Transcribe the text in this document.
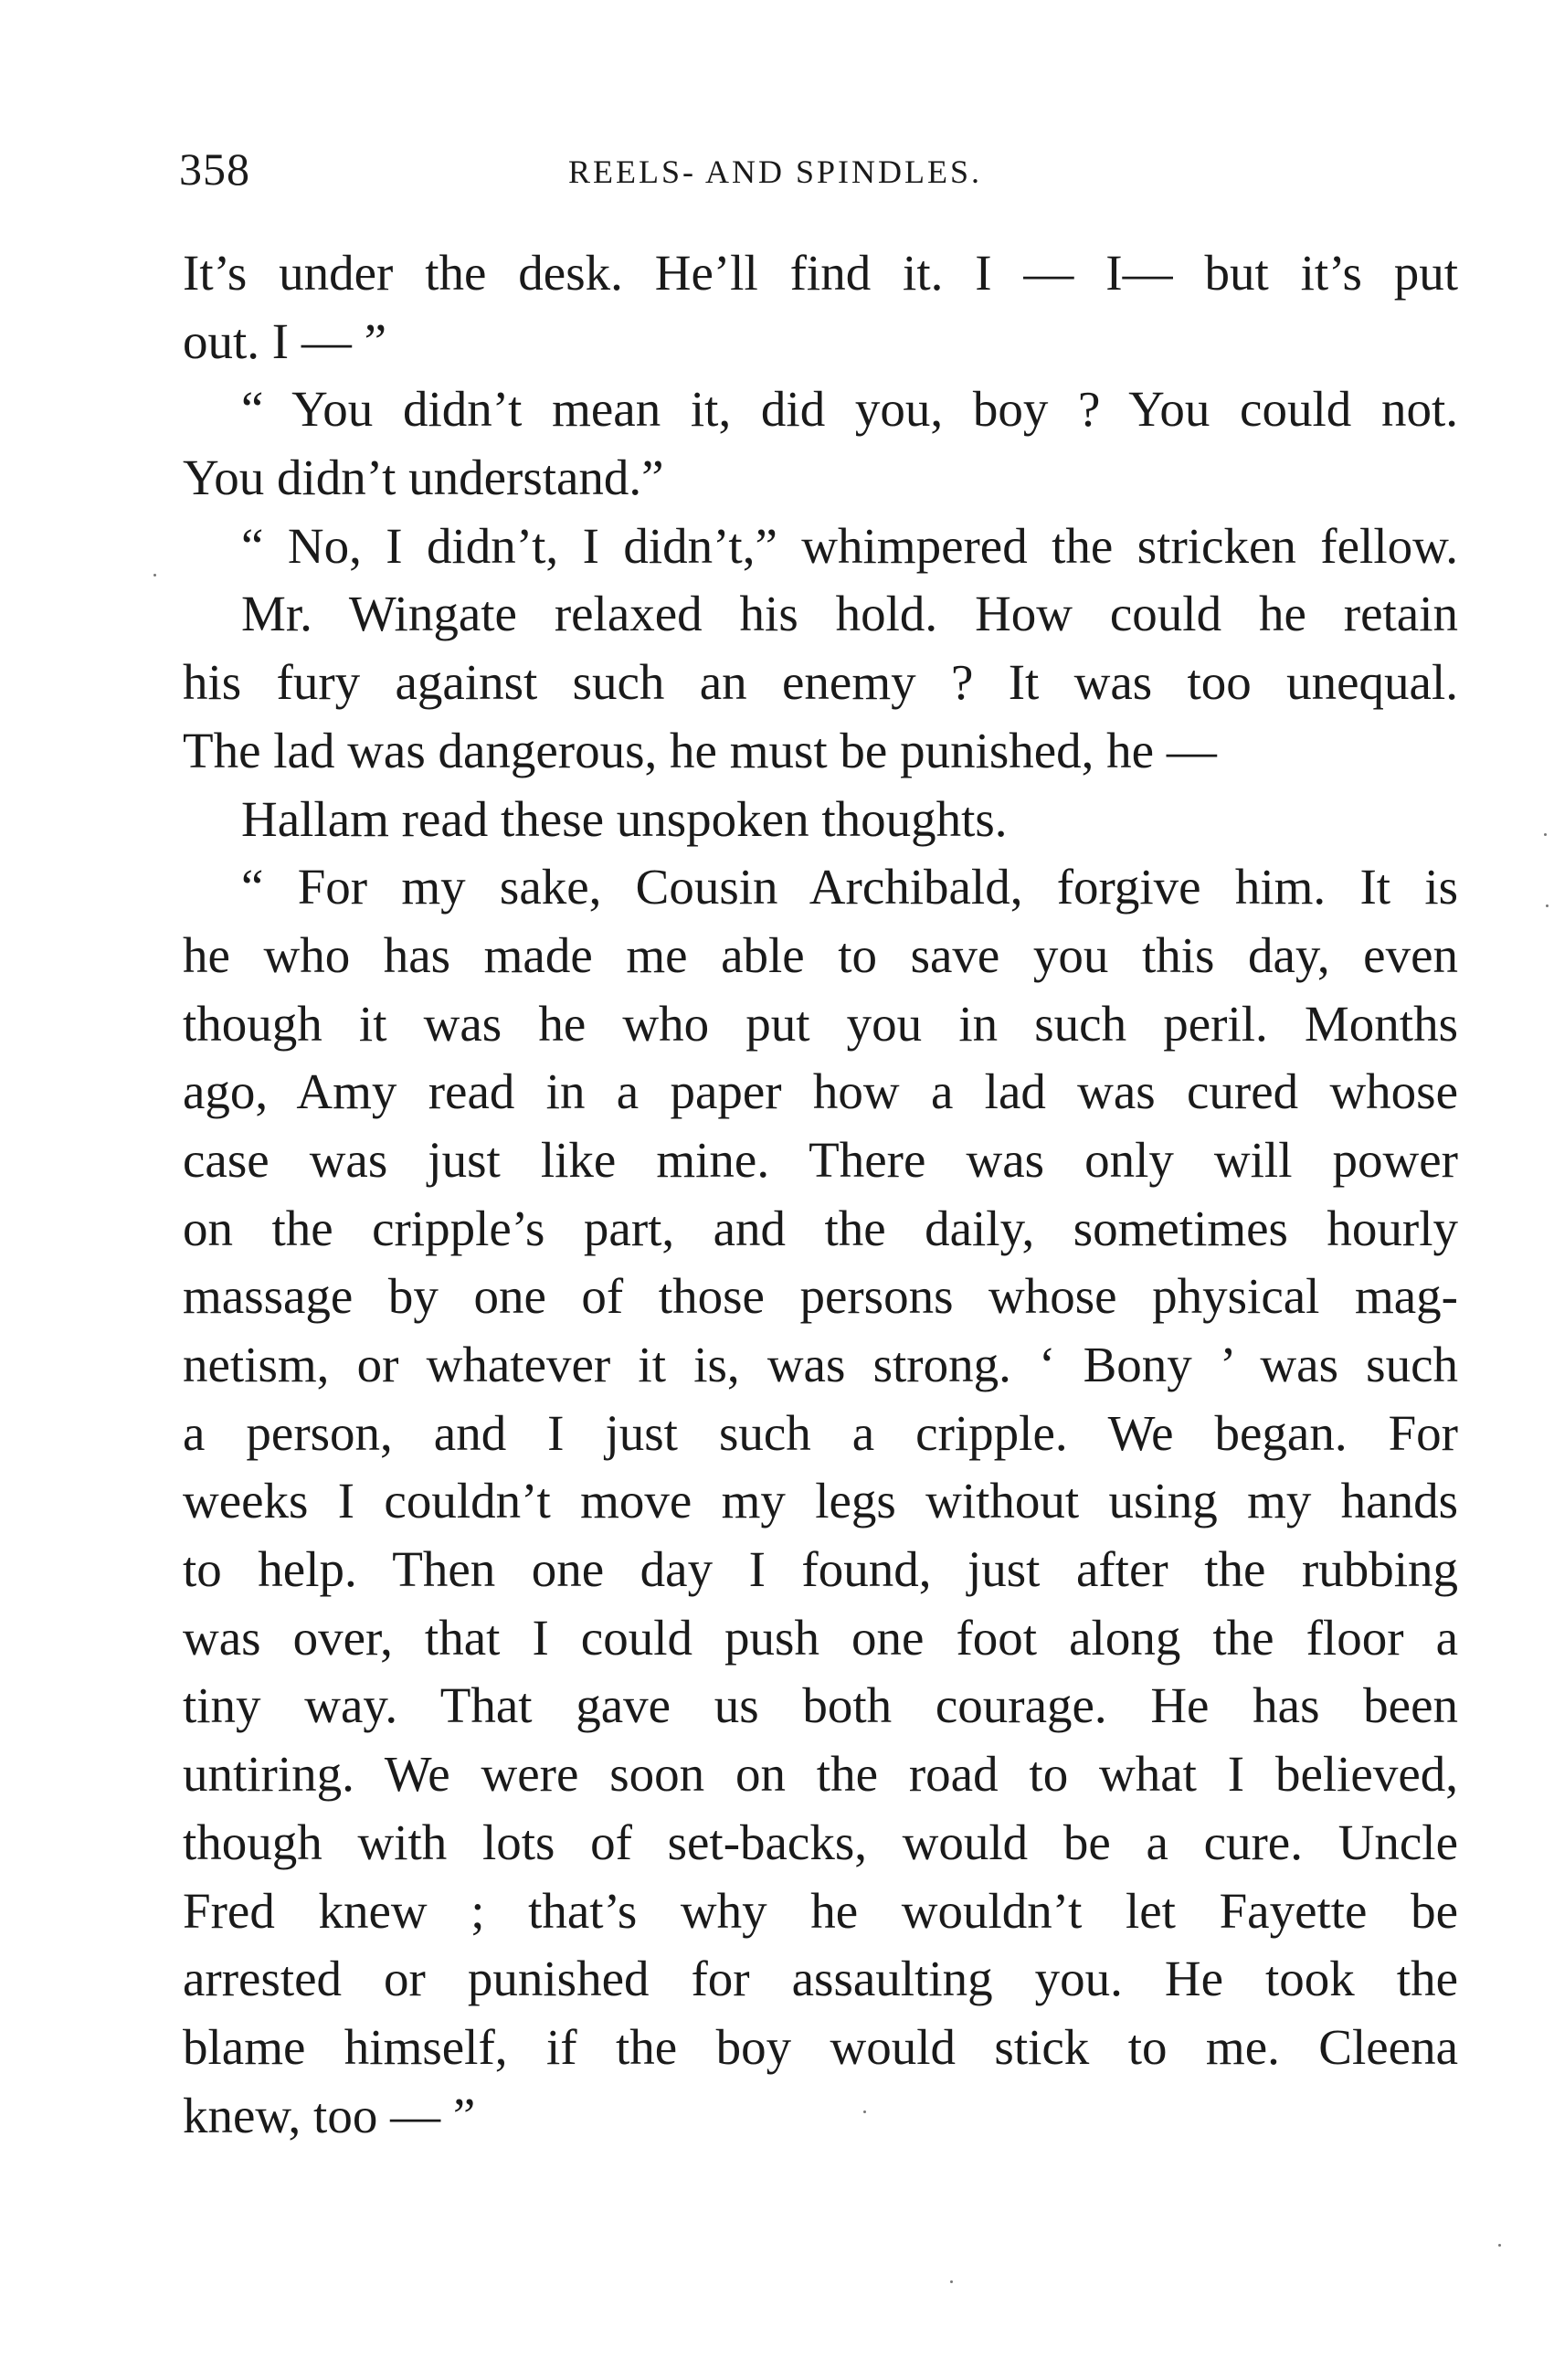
358	REELS- AND SPINDLES.
It’s under the desk. He’ll find it. I — I— but it’s put
out. I — ”
“ You didn’t mean it, did you, boy ? You could not.
You didn’t understand.”
“ No, I didn’t, I didn’t,” whimpered the stricken fellow.
Mr. Wingate relaxed his hold. How could he retain
his fury against such an enemy ? It was too unequal.
The lad was dangerous, he must be punished, he —
Hallam read these unspoken thoughts.
“ For my sake, Cousin Archibald, forgive him. It is
he who has made me able to save you this day, even
though it was he who put you in such peril. Months
ago, Amy read in a paper how a lad was cured whose
case was just like mine. There was only will power
on the cripple’s part, and the daily, sometimes hourly
massage by one of those persons whose physical mag-
netism, or whatever it is, was strong. ‘ Bony ’ was such
a person, and I just such a cripple. We began. For
weeks I couldn’t move my legs without using my hands
to help. Then one day I found, just after the rubbing
was over, that I could push one foot along the floor a
tiny way. That gave us both courage. He has been
untiring. We were soon on the road to what I believed,
though with lots of set-backs, would be a cure. Uncle
Fred knew ; that’s why he wouldn’t let Fayette be
arrested or punished for assaulting you. He took the
blame himself, if the boy would stick to me. Cleena
knew, too — ”
